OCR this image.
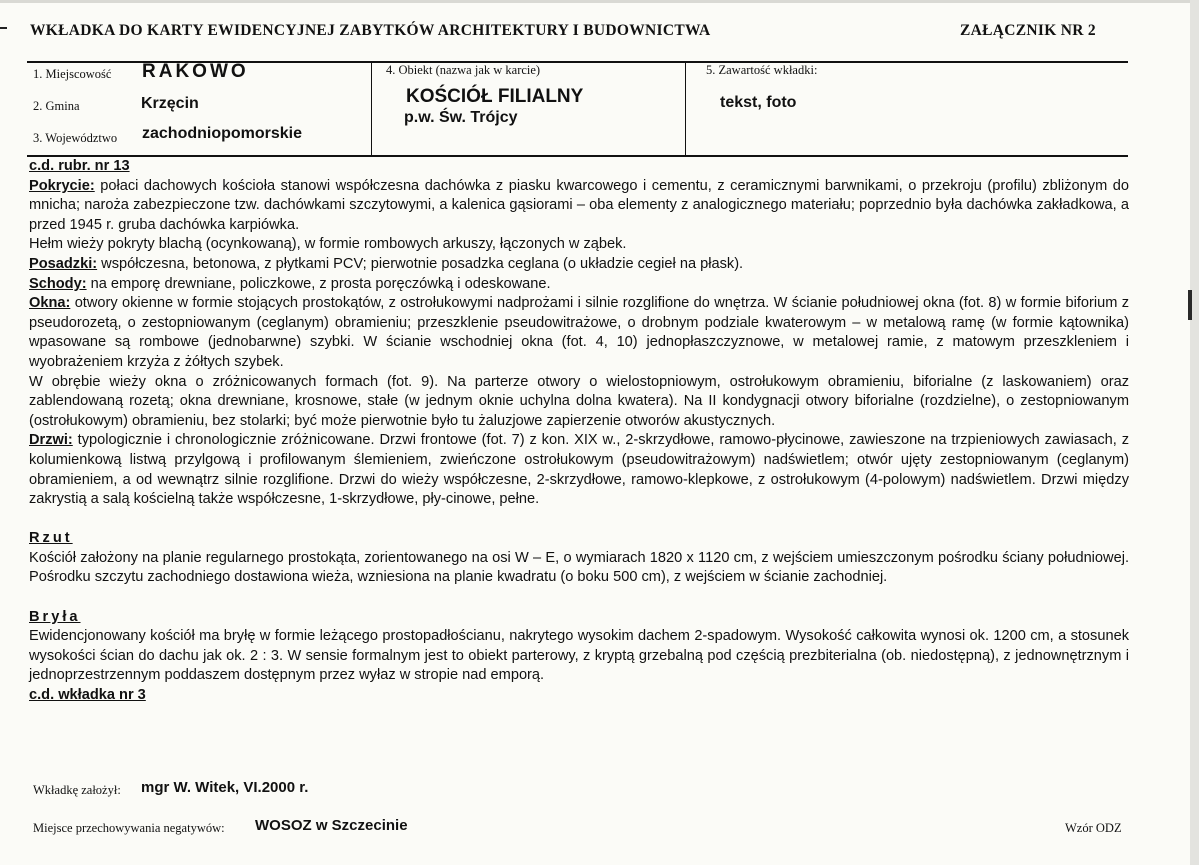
WKŁADKA DO KARTY EWIDENCYJNEJ ZABYTKÓW ARCHITEKTURY I BUDOWNICTWA	ZAŁĄCZNIK NR 2
1. Miejscowość RAKOWO
2. Gmina	Krzęcin
3. Województwo zachodniopomorskie
4. Obiekt (nazwa jak w karcie)
KOŚCIÓŁ FILIALNY
p.w. Św. Trójcy
5. Zawartość wkładki:
tekst, foto

c.d. rubr. nr 13

Pokrycie: połaci dachowych kościoła stanowi współczesna dachówka z piasku kwarcowego i cementu, z ceramicznymi barwnikami, o przekroju (profilu) zbliżonym do mnicha; naroża zabezpieczone tzw. dachówkami szczytowymi, a kalenica gąsiorami – oba elementy z analogicznego materiału; poprzednio była dachówka zakładkowa, a przed 1945 r. gruba dachówka karpiówka.

Hełm wieży pokryty blachą (ocynkowaną), w formie rombowych arkuszy, łączonych w ząbek.

Posadzki: współczesna, betonowa, z płytkami PCV; pierwotnie posadzka ceglana (o układzie cegieł na płask).

Schody: na emporę drewniane, policzkowe, z prosta poręczówką i odeskowane.

Okna: otwory okienne w formie stojących prostokątów, z ostrołukowymi nadprożami i silnie rozglifione do wnętrza. W ścianie południowej okna (fot. 8) w formie biforium z pseudorozetą, o zestopniowanym (ceglanym) obramieniu; przeszklenie pseudowitrażowe, o drobnym podziale kwaterowym – w metalową ramę (w formie kątownika) wpasowane są rombowe (jednobarwne) szybki. W ścianie wschodniej okna (fot. 4, 10) jednopłaszczyznowe, w metalowej ramie, z matowym przeszkleniem i wyobrażeniem krzyża z żółtych szybek.

W obrębie wieży okna o zróżnicowanych formach (fot. 9). Na parterze otwory o wielostopniowym, ostrołukowym obramieniu, biforialne (z laskowaniem) oraz zablendowaną rozetą; okna drewniane, krosnowe, stałe (w jednym oknie uchylna dolna kwatera). Na II kondygnacji otwory biforialne (rozdzielne), o zestopniowanym (ostrołukowym) obramieniu, bez stolarki; być może pierwotnie było tu żaluzjowe zapierzenie otworów akustycznych.

Drzwi: typologicznie i chronologicznie zróżnicowane. Drzwi frontowe (fot. 7) z kon. XIX w., 2-skrzydłowe, ramowo-płycinowe, zawieszone na trzpieniowych zawiasach, z kolumienkową listwą przylgową i profilowanym ślemieniem, zwieńczone ostrołukowym (pseudowitrażowym) nadświetlem; otwór ujęty zestopniowanym (ceglanym) obramieniem, a od wewnątrz silnie rozglifione. Drzwi do wieży współczesne, 2-skrzydłowe, ramowo-klepkowe, z ostrołukowym (4-polowym) nadświetlem. Drzwi między zakrystią a salą kościelną także współczesne, 1-skrzydłowe, pły-cinowe, pełne.

Rzut

Kościół założony na planie regularnego prostokąta, zorientowanego na osi W – E, o wymiarach 1820 x 1120 cm, z wejściem umieszczonym pośrodku ściany południowej. Pośrodku szczytu zachodniego dostawiona wieża, wzniesiona na planie kwadratu (o boku 500 cm), z wejściem w ścianie zachodniej.

Bryła

Ewidencjonowany kościół ma bryłę w formie leżącego prostopadłościanu, nakrytego wysokim dachem 2-spadowym. Wysokość całkowita wynosi ok. 1200 cm, a stosunek wysokości ścian do dachu jak ok. 2 : 3. W sensie formalnym jest to obiekt parterowy, z kryptą grzebalną pod częścią prezbiterialna (ob. niedostępną), z jednownętrznym i jednoprzestrzennym poddaszem dostępnym przez wyłaz w stropie nad emporą.

c.d. wkładka nr 3

Wkładkę założył: mgr W. Witek, VI.2000 r.
Miejsce przechowywania negatywów: WOSOZ w Szczecinie	Wzór ODZ
